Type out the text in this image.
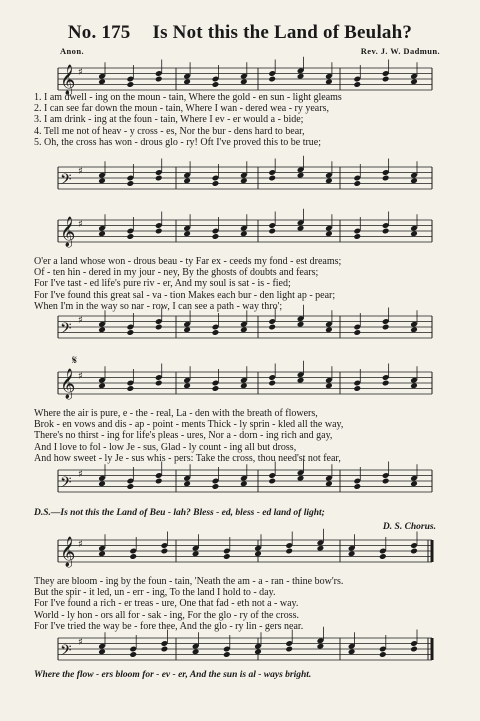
No. 175 Is Not this the Land of Beulah?
Anon.	Rev. J. W. Dadmun.
𝄞 ♯
1. I am dwell - ing on the moun - tain, Where the gold - en sun - light gleams
2. I can see far down the moun - tain, Where I wan - dered wea - ry years,
3. I am drink - ing at the foun - tain, Where I ev - er would a - bide;
4. Tell me not of heav - y cross - es, Nor the bur - dens hard to bear,
5. Oh, the cross has won - drous glo - ry! Oft I've proved this to be true;
𝄢 ♯
𝄞 ♯
O'er a land whose won - drous beau - ty Far ex - ceeds my fond - est dreams;
Of - ten hin - dered in my jour - ney, By the ghosts of doubts and fears;
For I've tast - ed life's pure riv - er, And my soul is sat - is - fied;
For I've found this great sal - va - tion Makes each bur - den light ap - pear;
When I'm in the way so nar - row, I can see a path - way thro';
𝄢 ♯
𝄞 ♯
𝄋
Where the air is pure, e - the - real, La - den with the breath of flowers,
Brok - en vows and dis - ap - point - ments Thick - ly sprin - kled all the way,
There's no thirst - ing for life's pleas - ures, Nor a - dorn - ing rich and gay,
And I love to fol - low Je - sus, Glad - ly count - ing all but dross,
And how sweet - ly Je - sus whis - pers: Take the cross, thou need'st not fear,
𝄢 ♯
D.S.—Is not this the Land of Beu - lah? Bless - ed, bless - ed land of light;
D. S. Chorus.
𝄞 ♯
They are bloom - ing by the foun - tain, 'Neath the am - a - ran - thine bow'rs.
But the spir - it led, un - err - ing, To the land I hold to - day.
For I've found a rich - er treas - ure, One that fad - eth not a - way.
World - ly hon - ors all for - sak - ing, For the glo - ry of the cross.
For I've tried the way be - fore thee, And the glo - ry lin - gers near.
𝄢 ♯
Where the flow - ers bloom for - ev - er, And the sun is al - ways bright.
